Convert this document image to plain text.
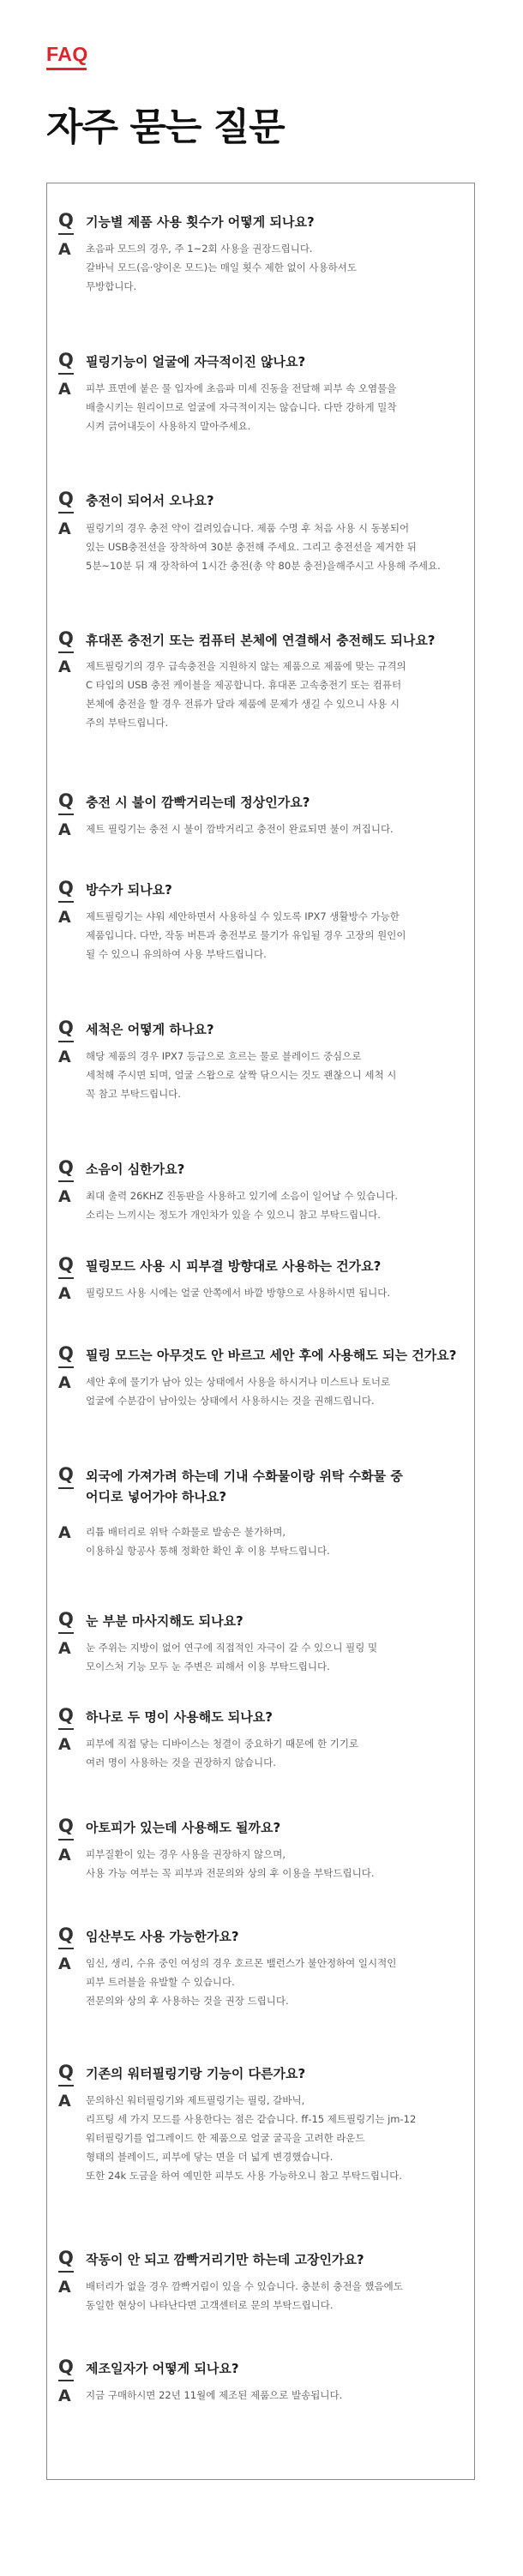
FAQ
자주 묻는 질문
Q 기능별 제품 사용 횟수가 어떻게 되나요?
A 초음파 모드의 경우, 주 1~2회 사용을 권장드립니다.
갈바닉 모드(음·양이온 모드)는 매일 횟수 제한 없이 사용하셔도
무방합니다.
Q 필링기능이 얼굴에 자극적이진 않나요?
A 피부 표면에 붙은 물 입자에 초음파 미세 진동을 전달해 피부 속 오염물을
배출시키는 원리이므로 얼굴에 자극적이지는 않습니다. 다만 강하게 밀착
시켜 긁어내듯이 사용하지 말아주세요.
Q 충전이 되어서 오나요?
A 필링기의 경우 충전 약이 걸려있습니다. 제품 수명 후 처음 사용 시 동봉되어
있는 USB충전선을 장착하여 30분 충전해 주세요. 그리고 충전선을 제거한 뒤
5분~10분 뒤 재 장착하여 1시간 충전(총 약 80분 충전)을해주시고 사용해 주세요.
Q 휴대폰 충전기 또는 컴퓨터 본체에 연결해서 충전해도 되나요?
A 제트필링기의 경우 급속충전을 지원하지 않는 제품으로 제품에 맞는 규격의
C 타입의 USB 충전 케이블을 제공합니다. 휴대폰 고속충전기 또는 컴퓨터
본체에 충전을 할 경우 전류가 달라 제품에 문제가 생길 수 있으니 사용 시
주의 부탁드립니다.
Q 충전 시 불이 깜빡거리는데 정상인가요?
A 제트 필링기는 충전 시 불이 깜박거리고 충전이 완료되면 불이 꺼집니다.
Q 방수가 되나요?
A 제트필링기는 샤워 세안하면서 사용하실 수 있도록 IPX7 생활방수 가능한
제품입니다. 다만, 작동 버튼과 충전부로 물기가 유입될 경우 고장의 원인이
될 수 있으니 유의하여 사용 부탁드립니다.
Q 세척은 어떻게 하나요?
A 해당 제품의 경우 IPX7 등급으로 흐르는 물로 블레이드 중심으로
세척해 주시면 되며, 얼굴 스왑으로 살짝 닦으시는 것도 괜찮으니 세척 시
꼭 참고 부탁드립니다.
Q 소음이 심한가요?
A 최대 출력 26KHZ 진동판을 사용하고 있기에 소음이 일어날 수 있습니다.
소리는 느끼시는 정도가 개인차가 있을 수 있으니 참고 부탁드립니다.
Q 필링모드 사용 시 피부결 방향대로 사용하는 건가요?
A 필링모드 사용 시에는 얼굴 안쪽에서 바깥 방향으로 사용하시면 됩니다.
Q 필링 모드는 아무것도 안 바르고 세안 후에 사용해도 되는 건가요?
A 세안 후에 물기가 남아 있는 상태에서 사용을 하시거나 미스트나 토너로
얼굴에 수분감이 남아있는 상태에서 사용하시는 것을 권해드립니다.
Q 외국에 가져가려 하는데 기내 수화물이랑 위탁 수화물 중
어디로 넣어가야 하나요?
A 리튬 배터리로 위탁 수화물로 발송은 불가하며,
이용하실 항공사 통해 정확한 확인 후 이용 부탁드립니다.
Q 눈 부분 마사지해도 되나요?
A 눈 주위는 지방이 없어 연구에 직접적인 자극이 갈 수 있으니 필링 및
모이스처 기능 모두 눈 주변은 피해서 이용 부탁드립니다.
Q 하나로 두 명이 사용해도 되나요?
A 피부에 직접 닿는 디바이스는 청결이 중요하기 때문에 한 기기로
여러 명이 사용하는 것을 권장하지 않습니다.
Q 아토피가 있는데 사용해도 될까요?
A 피부질환이 있는 경우 사용을 권장하지 않으며,
사용 가능 여부는 꼭 피부과 전문의와 상의 후 이용을 부탁드립니다.
Q 임산부도 사용 가능한가요?
A 임신, 생리, 수유 중인 여성의 경우 호르몬 밸런스가 불안정하여 일시적인
피부 트러블을 유발할 수 있습니다.
전문의와 상의 후 사용하는 것을 권장 드립니다.
Q 기존의 워터필링기랑 기능이 다른가요?
A 문의하신 워터필링기와 제트필링기는 필링, 갈바닉,
리프팅 세 가지 모드를 사용한다는 점은 같습니다. ff-15 제트필링기는 jm-12
워터필링기를 업그레이드 한 제품으로 얼굴 굴곡을 고려한 라운드
형태의 블레이드, 피부에 닿는 면을 더 넓게 변경했습니다.
또한 24k 도금을 하여 예민한 피부도 사용 가능하오니 참고 부탁드립니다.
Q 작동이 안 되고 깜빡거리기만 하는데 고장인가요?
A 배터리가 없을 경우 깜빡거림이 있을 수 있습니다. 충분히 충전을 했음에도
동일한 현상이 나타난다면 고객센터로 문의 부탁드립니다.
Q 제조일자가 어떻게 되나요?
A 지금 구매하시면 22년 11월에 제조된 제품으로 발송됩니다.
